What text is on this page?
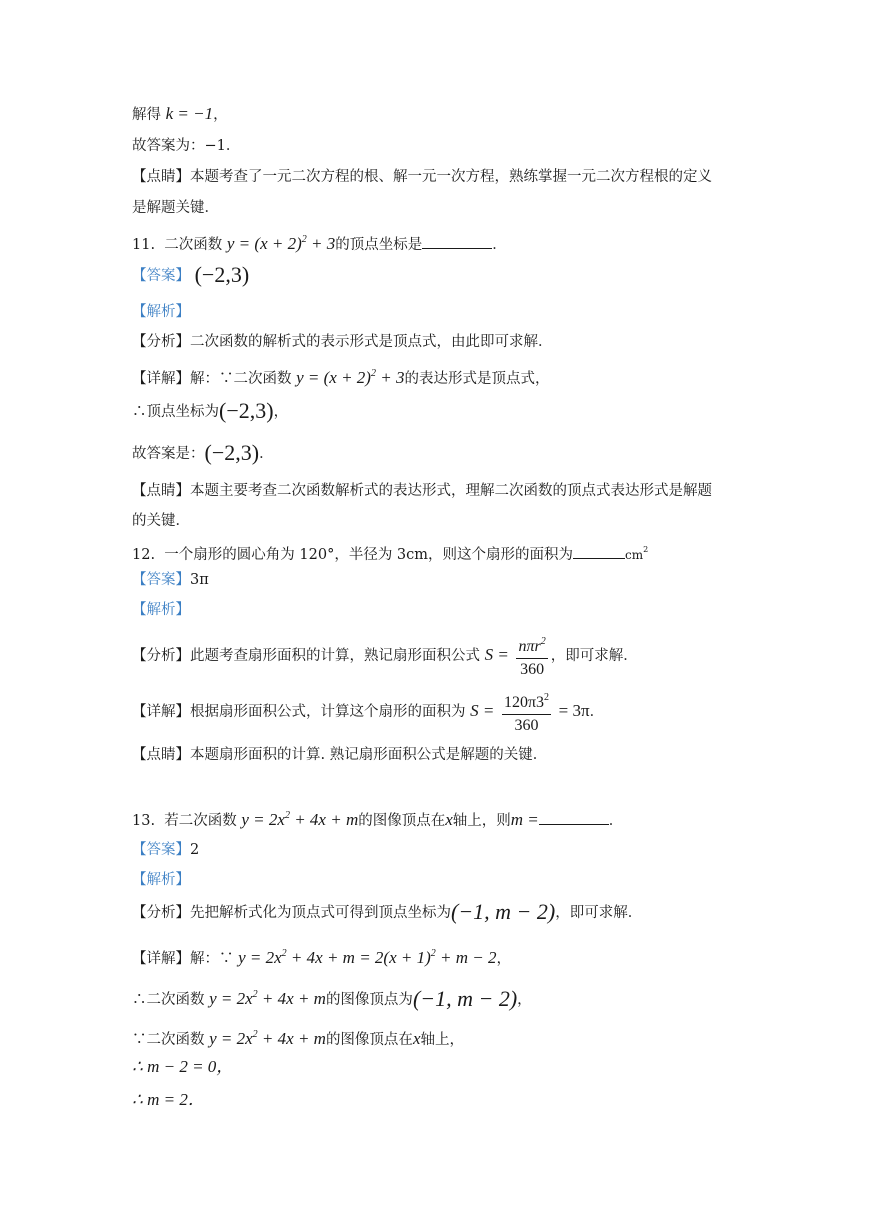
解得 k = −1，
故答案为：−1．
【点睛】本题考查了一元二次方程的根、解一元一次方程，熟练掌握一元二次方程根的定义
是解题关键．
11. 二次函数 $y = (x + 2)^2 + 3$的顶点坐标是	．
【答案】 (−2,3)
【解析】
【分析】二次函数的解析式的表示形式是顶点式，由此即可求解．
【详解】解：∵二次函数 $y = (x + 2)^2 + 3$的表达形式是顶点式，
∴顶点坐标为(−2,3)，
故答案是：(−2,3)．
【点睛】本题主要考查二次函数解析式的表达形式，理解二次函数的顶点式表达形式是解题
的关键．
12. 一个扇形的圆心角为 120°，半径为 3cm，则这个扇形的面积为	$cm^2$
【答案】3π
【解析】
【分析】此题考查扇形面积的计算，熟记扇形面积公式 $S = \frac{n\pi r^2}{360}$ ，即可求解．
【详解】根据扇形面积公式，计算这个扇形的面积为 $S = \frac{120\pi 3^2}{360} = 3\pi$．
【点睛】本题扇形面积的计算. 熟记扇形面积公式是解题的关键．
13. 若二次函数 $y = 2x^2 + 4x + m$的图像顶点在x轴上，则m =	．
【答案】2
【解析】
【分析】先把解析式化为顶点式可得到顶点坐标为(−1, m − 2)，即可求解．
【详解】解：∵ $y = 2x^2 + 4x + m = 2(x + 1)^2 + m - 2$，
∴二次函数 $y = 2x^2 + 4x + m$的图像顶点为(−1, m − 2)，
∵二次函数 $y = 2x^2 + 4x + m$的图像顶点在x轴上，
∴ m − 2 = 0，
∴ m = 2．
